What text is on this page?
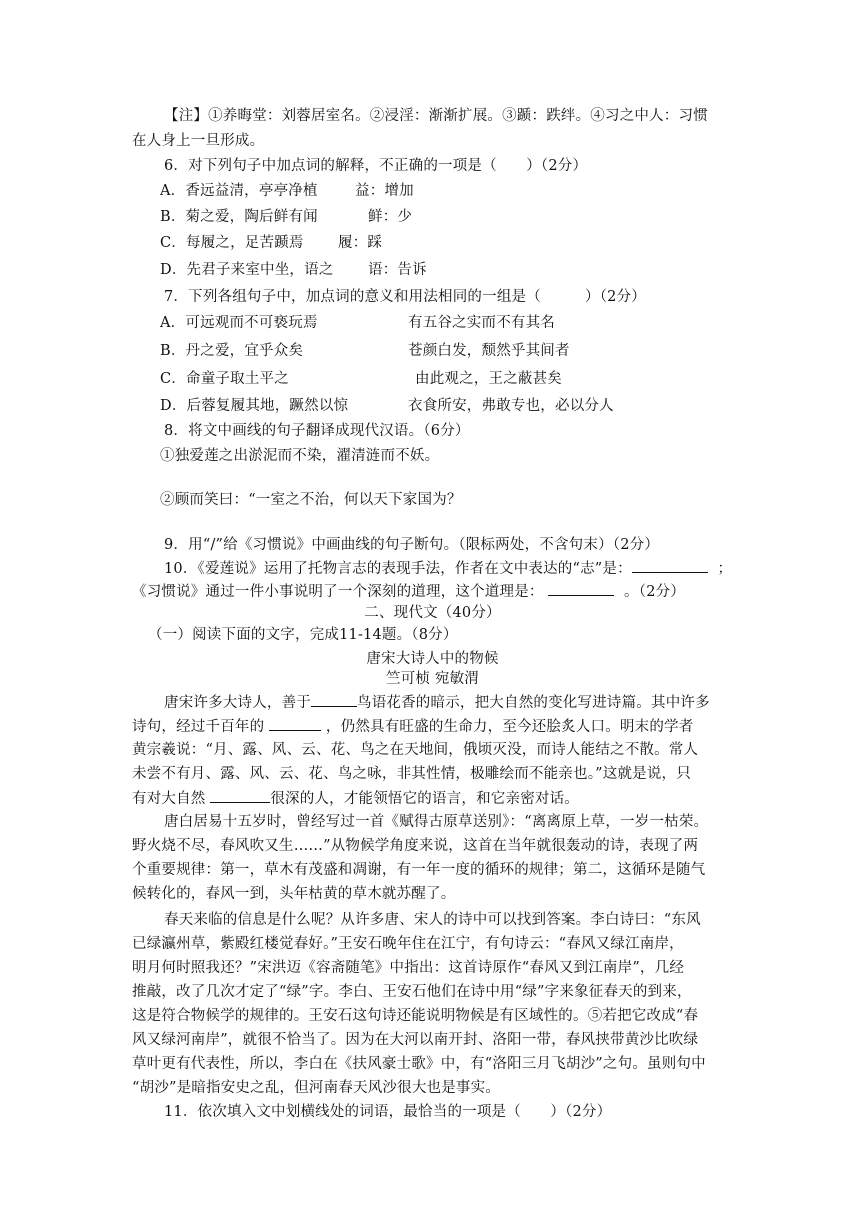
【注】①养晦堂：刘蓉居室名。②浸淫：渐渐扩展。③踬：跌绊。④习之中人：习惯
在人身上一旦形成。
6．对下列句子中加点词的解释，不正确的一项是（　　）（2分）
A．香远益清，亭亭净植	益：增加
B．菊之爱，陶后鲜有闻	鲜：少
C．每履之，足苦踬焉 履：踩
D．先君子来室中坐，语之 语：告诉
7．下列各组句子中，加点词的意义和用法相同的一组是（　　　）（2分）
A．可远观而不可亵玩焉	有五谷之实而不有其名
B．丹之爱，宜乎众矣	苍颜白发，颓然乎其间者
C．命童子取土平之	由此观之，王之蔽甚矣
D．后蓉复履其地，蹶然以惊	衣食所安，弗敢专也，必以分人
8．将文中画线的句子翻译成现代汉语。（6分）
①独爱莲之出淤泥而不染，濯清涟而不妖。
②顾而笑曰：“一室之不治，何以天下家国为？
9．用“/”给《习惯说》中画曲线的句子断句。（限标两处，不含句末）（2分）
10．《爱莲说》运用了托物言志的表现手法，作者在文中表达的“志”是：	；
《习惯说》通过一件小事说明了一个深刻的道理，这个道理是：	。（2分）
二、现代文（40分）
（一）阅读下面的文字，完成11-14题。（8分）
唐宋大诗人中的物候
竺可桢 宛敏渭
唐宋许多大诗人，善于	鸟语花香的暗示，把大自然的变化写进诗篇。其中许多
诗句，经过千百年的	，仍然具有旺盛的生命力，至今还脍炙人口。明末的学者
黄宗羲说：“月、露、风、云、花、鸟之在天地间，俄顷灭没，而诗人能结之不散。常人
未尝不有月、露、风、云、花、鸟之咏，非其性情，极雕绘而不能亲也。”这就是说，只
有对大自然	很深的人，才能领悟它的语言，和它亲密对话。
唐白居易十五岁时，曾经写过一首《赋得古原草送别》：“离离原上草，一岁一枯荣。
野火烧不尽，春风吹又生……”从物候学角度来说，这首在当年就很轰动的诗，表现了两
个重要规律：第一，草木有茂盛和凋谢，有一年一度的循环的规律；第二，这循环是随气
候转化的，春风一到，头年枯黄的草木就苏醒了。
春天来临的信息是什么呢？从许多唐、宋人的诗中可以找到答案。李白诗曰：“东风
已绿瀛州草，紫殿红楼觉春好。”王安石晚年住在江宁，有句诗云：“春风又绿江南岸，
明月何时照我还？”宋洪迈《容斋随笔》中指出：这首诗原作“春风又到江南岸”，几经
推敲，改了几次才定了“绿”字。李白、王安石他们在诗中用“绿”字来象征春天的到来，
这是符合物候学的规律的。王安石这句诗还能说明物候是有区域性的。⑤若把它改成“春
风又绿河南岸”，就很不恰当了。因为在大河以南开封、洛阳一带，春风挟带黄沙比吹绿
草叶更有代表性，所以，李白在《扶风豪士歌》中，有“洛阳三月飞胡沙”之句。虽则句中
“胡沙”是暗指安史之乱，但河南春天风沙很大也是事实。
11．依次填入文中划横线处的词语，最恰当的一项是（　　）（2分）
